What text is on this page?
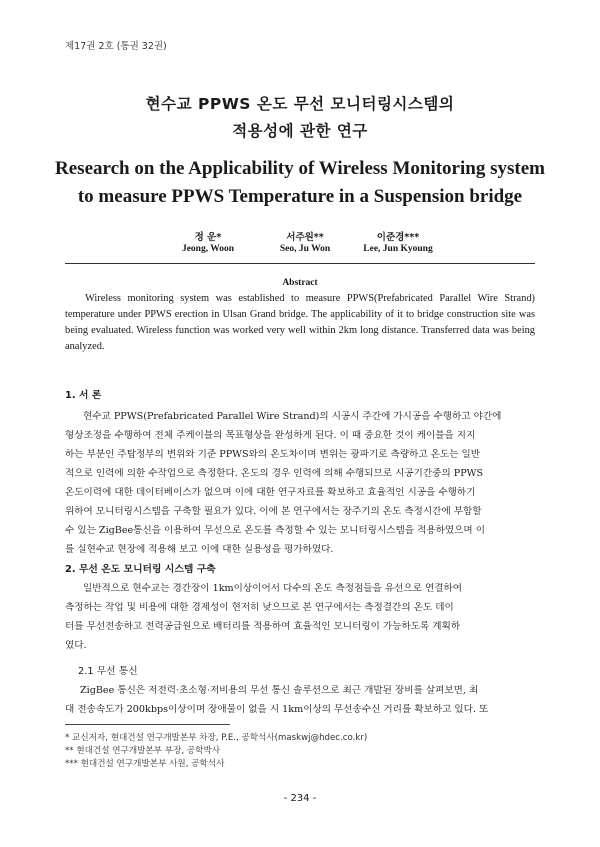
제17권 2호 (통권 32권)
현수교 PPWS 온도 무선 모니터링시스템의
적용성에 관한 연구
Research on the Applicability of Wireless Monitoring system
to measure PPWS Temperature in a Suspension bridge
정 운*
Jeong, Woon
서주원**
Seo, Ju Won
이준경***
Lee, Jun Kyoung
Abstract
Wireless monitoring system was established to measure PPWS(Prefabricated Parallel Wire Strand) temperature under PPWS erection in Ulsan Grand bridge. The applicability of it to bridge construction site was being evaluated. Wireless function was worked very well within 2km long distance. Transferred data was being analyzed.
1. 서 론
현수교 PPWS(Prefabricated Parallel Wire Strand)의 시공시 주간에 가시공을 수행하고 야간에
형상조정을 수행하여 전체 주케이블의 목표형상을 완성하게 된다. 이 때 중요한 것이 케이블을 지지
하는 부분인 주탑정부의 변위와 기준 PPWS와의 온도차이며 변위는 광파기로 측량하고 온도는 일반
적으로 인력에 의한 수작업으로 측정한다. 온도의 경우 인력에 의해 수행되므로 시공기간중의 PPWS
온도이력에 대한 데이터베이스가 없으며 이에 대한 연구자료를 확보하고 효율적인 시공을 수행하기
위하여 모니터링시스템을 구축할 필요가 있다. 이에 본 연구에서는 장주기의 온도 측정시간에 부합할
수 있는 ZigBee통신을 이용하여 무선으로 온도를 측정할 수 있는 모니터링시스템을 적용하였으며 이
를 실현수교 현장에 적용해 보고 이에 대한 실용성을 평가하였다.
2. 무선 온도 모니터링 시스템 구축
일반적으로 현수교는 경간장이 1km이상이어서 다수의 온도 측정점들을 유선으로 연결하여
측정하는 작업 및 비용에 대한 경제성이 현저히 낮으므로 본 연구에서는 측정결간의 온도 데이
터를 무선전송하고 전력공급원으로 배터리를 적용하여 효율적인 모니터링이 가능하도록 계획하
였다.
2.1 무선 통신
ZigBee 통신은 저전력·초소형·저비용의 무선 통신 솔루션으로 최근 개발된 장비를 살펴보면, 최
대 전송속도가 200kbps이상이며 장애물이 없을 시 1km이상의 무선송수신 거리를 확보하고 있다. 또
* 교신저자, 현대건설 연구개발본부 차장, P.E., 공학석사(maskwj@hdec.co.kr)
** 현대건설 연구개발본부 부장, 공학박사
*** 현대건설 연구개발본부 사원, 공학석사
- 234 -
